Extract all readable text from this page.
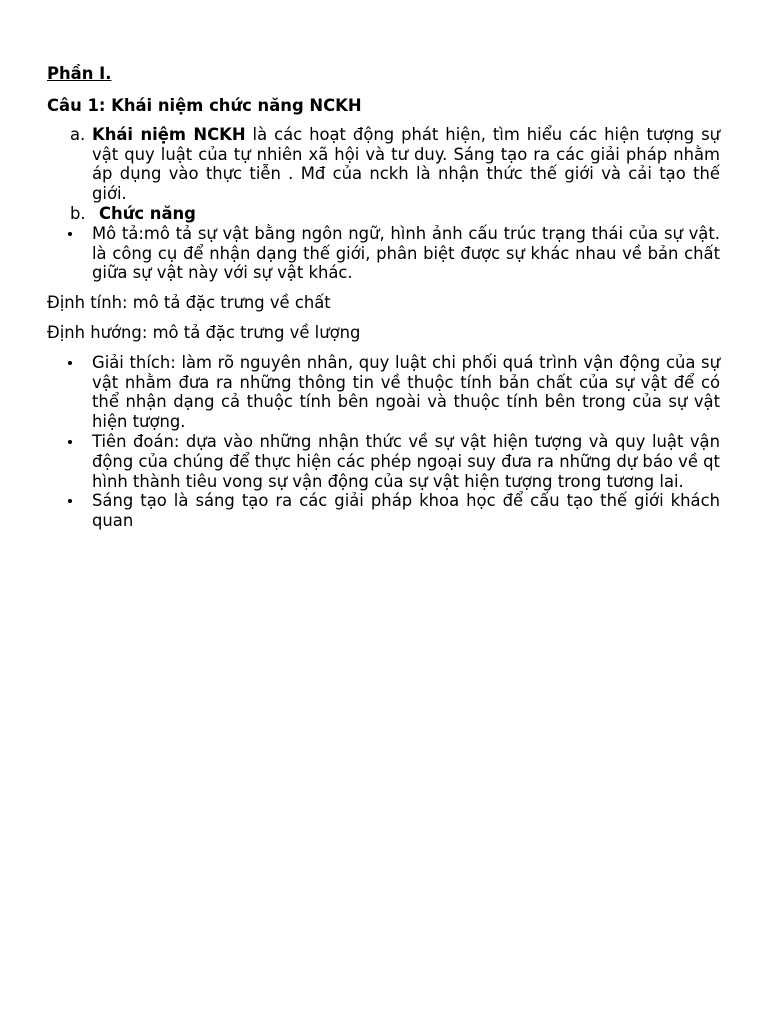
Phần I.

Câu 1: Khái niệm chức năng NCKH

a. Khái niệm NCKH là các hoạt động phát hiện, tìm hiểu các hiện tượng sự vật quy luật của tự nhiên xã hội và tư duy. Sáng tạo ra các giải pháp nhằm áp dụng vào thực tiễn . Mđ của nckh là nhận thức thế giới và cải tạo thế giới.
b. Chức năng
Mô tả:mô tả sự vật bằng ngôn ngữ, hình ảnh cấu trúc trạng thái của sự vật. là công cụ để nhận dạng thế giới, phân biệt được sự khác nhau về bản chất giữa sự vật này với sự vật khác.

Định tính: mô tả đặc trưng về chất

Định hướng: mô tả đặc trưng về lượng

Giải thích: làm rõ nguyên nhân, quy luật chi phối quá trình vận động của sự vật nhằm đưa ra những thông tin về thuộc tính bản chất của sự vật để có thể nhận dạng cả thuộc tính bên ngoài và thuộc tính bên trong của sự vật hiện tượng.
Tiên đoán: dựa vào những nhận thức về sự vật hiện tượng và quy luật vận động của chúng để thực hiện các phép ngoại suy đưa ra những dự báo về qt hình thành tiêu vong sự vận động của sự vật hiện tượng trong tương lai.
Sáng tạo là sáng tạo ra các giải pháp khoa học để cấu tạo thế giới khách quan
